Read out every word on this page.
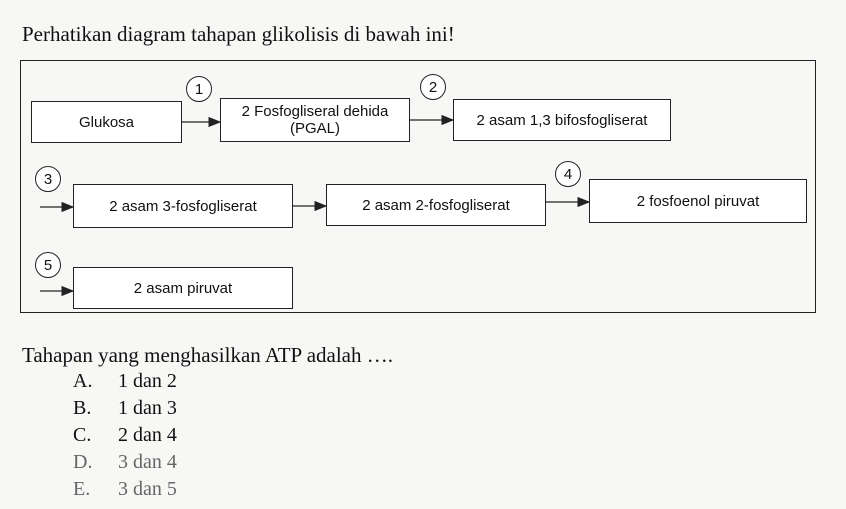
Perhatikan diagram tahapan glikolisis di bawah ini!
Glukosa
2 Fosfogliseral dehida
(PGAL)	2 asam 1,3 bifosfogliserat
2 asam 3-fosfogliserat	2 asam 2-fosfogliserat	2 fosfoenol piruvat
2 asam piruvat
1	2
3	4
5
Tahapan yang menghasilkan ATP adalah ….
A.	1 dan 2
B.	1 dan 3
C.	2 dan 4
D.	3 dan 4
E.	3 dan 5
